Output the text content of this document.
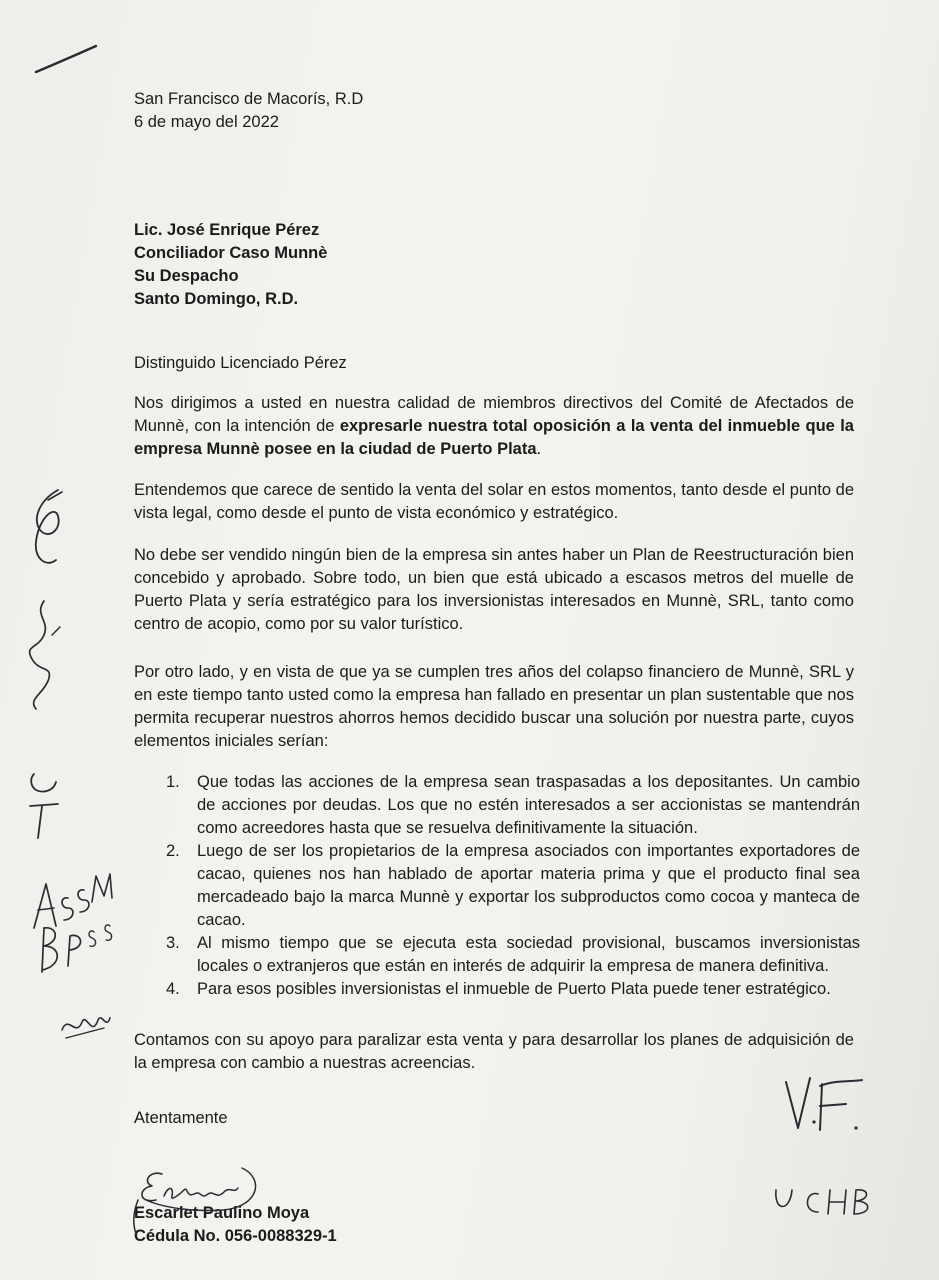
San Francisco de Macorís, R.D
6 de mayo del 2022
Lic. José Enrique Pérez
Conciliador Caso Munnè
Su Despacho
Santo Domingo, R.D.
Distinguido Licenciado Pérez
Nos dirigimos a usted en nuestra calidad de miembros directivos del Comité de Afectados de Munnè, con la intención de expresarle nuestra total oposición a la venta del inmueble que la empresa Munnè posee en la ciudad de Puerto Plata.
Entendemos que carece de sentido la venta del solar en estos momentos, tanto desde el punto de vista legal, como desde el punto de vista económico y estratégico.
No debe ser vendido ningún bien de la empresa sin antes haber un Plan de Reestructuración bien concebido y aprobado. Sobre todo, un bien que está ubicado a escasos metros del muelle de Puerto Plata y sería estratégico para los inversionistas interesados en Munnè, SRL, tanto como centro de acopio, como por su valor turístico.
Por otro lado, y en vista de que ya se cumplen tres años del colapso financiero de Munnè, SRL y en este tiempo tanto usted como la empresa han fallado en presentar un plan sustentable que nos permita recuperar nuestros ahorros hemos decidido buscar una solución por nuestra parte, cuyos elementos iniciales serían:
1. Que todas las acciones de la empresa sean traspasadas a los depositantes. Un cambio de acciones por deudas. Los que no estén interesados a ser accionistas se mantendrán como acreedores hasta que se resuelva definitivamente la situación.
2. Luego de ser los propietarios de la empresa asociados con importantes exportadores de cacao, quienes nos han hablado de aportar materia prima y que el producto final sea mercadeado bajo la marca Munnè y exportar los subproductos como cocoa y manteca de cacao.
3. Al mismo tiempo que se ejecuta esta sociedad provisional, buscamos inversionistas locales o extranjeros que están en interés de adquirir la empresa de manera definitiva.
4. Para esos posibles inversionistas el inmueble de Puerto Plata puede tener estratégico.
Contamos con su apoyo para paralizar esta venta y para desarrollar los planes de adquisición de la empresa con cambio a nuestras acreencias.
Atentamente
Escarlet Paulino Moya
Cédula No. 056-0088329-1
